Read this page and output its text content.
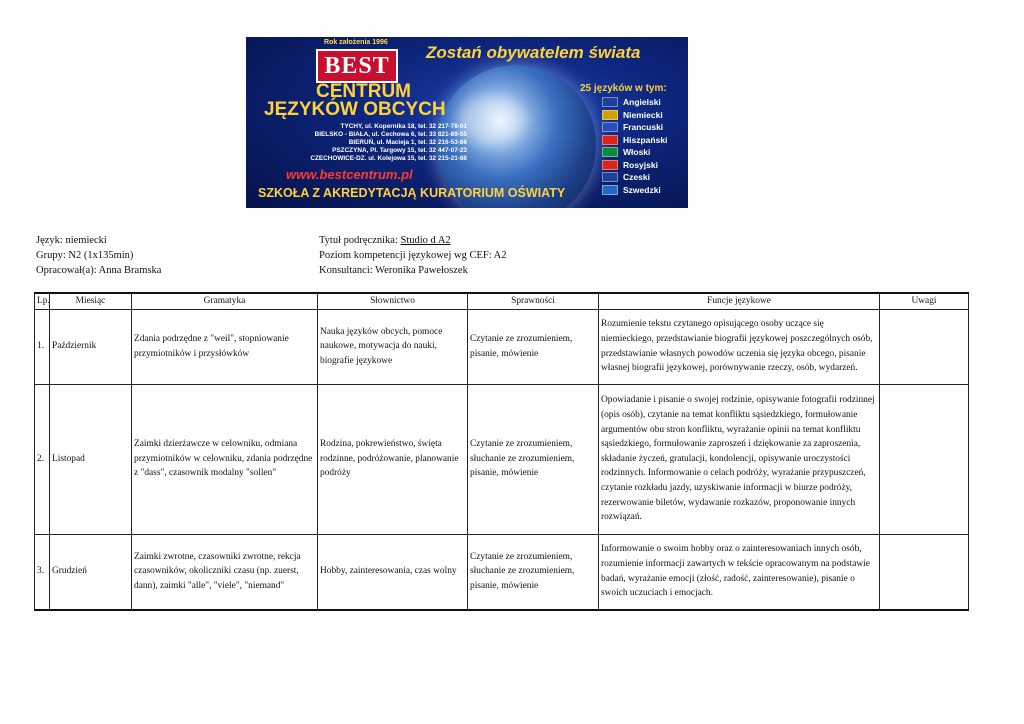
Rok założenia 1996
BEST
Zostań obywatelem świata
CENTRUM
JĘZYKÓW OBCYCH
TYCHY, ul. Kopernika 18, tel. 32 217-78-01
BIELSKO - BIAŁA, ul. Cechowa 6, tel. 33 821-89-55
BIERUŃ, ul. Macieja 1, tel. 32 216-53-86
PSZCZYNA, Pl. Targowy 15, tel. 32 447-07-23
CZECHOWICE-DZ. ul. Kolejowa 15, tel. 32 215-21-88
www.bestcentrum.pl
SZKOŁA Z AKREDYTACJĄ KURATORIUM OŚWIATY
25 języków w tym:
Angielski
Niemiecki
Francuski
Hiszpański
Włoski
Rosyjski
Czeski
Szwedzki
Język: niemiecki
Grupy: N2 (1x135min)
Opracował(a): Anna Bramska
Tytuł podręcznika: Studio d A2
Poziom kompetencji językowej wg CEF: A2
Konsultanci: Weronika Pawełoszek
Lp.	Miesiąc	Gramatyka	Słownictwo	Sprawności	Funcje językowe	Uwagi
1.	Październik	Zdania podrzędne z "weil", stopniowanie przymiotników i przysłówków	Nauka języków obcych, pomoce naukowe, motywacja do nauki, biografie językowe	Czytanie ze zrozumieniem, pisanie, mówienie	Rozumienie tekstu czytanego opisującego osoby uczące się niemieckiego, przedstawianie biografii językowej poszczególnych osób, przedstawianie własnych powodów uczenia się języka obcego, pisanie własnej biografii językowej, porównywanie rzeczy, osób, wydarzeń.	
2.	Listopad	Zaimki dzierżawcze w celowniku, odmiana przymiotników w celowniku, zdania podrzędne z "dass", czasownik modalny "sollen"	Rodzina, pokrewieństwo, święta rodzinne, podróżowanie, planowanie podróży	Czytanie ze zrozumieniem, słuchanie ze zrozumieniem, pisanie, mówienie	Opowiadanie i pisanie o swojej rodzinie, opisywanie fotografii rodzinnej (opis osób), czytanie na temat konfliktu sąsiedzkiego, formułowanie argumentów obu stron konfliktu, wyrażanie opinii na temat konfliktu sąsiedzkiego, formułowanie zaproszeń i dziękowanie za zaproszenia, składanie życzeń, gratulacji, kondolencji, opisywanie uroczystości rodzinnych. Informowanie o celach podróży, wyrażanie przypuszczeń, czytanie rozkładu jazdy, uzyskiwanie informacji w biurze podróży, rezerwowanie biletów, wydawanie rozkazów, proponowanie innych rozwiązań.	
3.	Grudzień	Zaimki zwrotne, czasowniki zwrotne, rekcja czasowników, okoliczniki czasu (np. zuerst, dann), zaimki "alle", "viele", "niemand"	Hobby, zainteresowania, czas wolny	Czytanie ze zrozumieniem, słuchanie ze zrozumieniem, pisanie, mówienie	Informowanie o swoim hobby oraz o zainteresowaniach innych osób, rozumienie informacji zawartych w tekście opracowanym na podstawie badań, wyrażanie emocji (złość, radość, zainteresowanie), pisanie o swoich uczuciach i emocjach.	
